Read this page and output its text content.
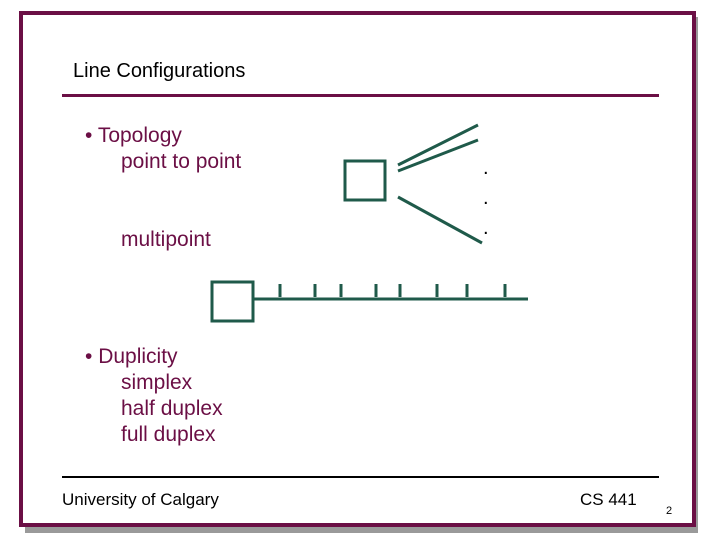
Line Configurations
• Topology
point to point
multipoint
• Duplicity
simplex
half duplex
full duplex
.
.
.
University of Calgary	CS 441
2
